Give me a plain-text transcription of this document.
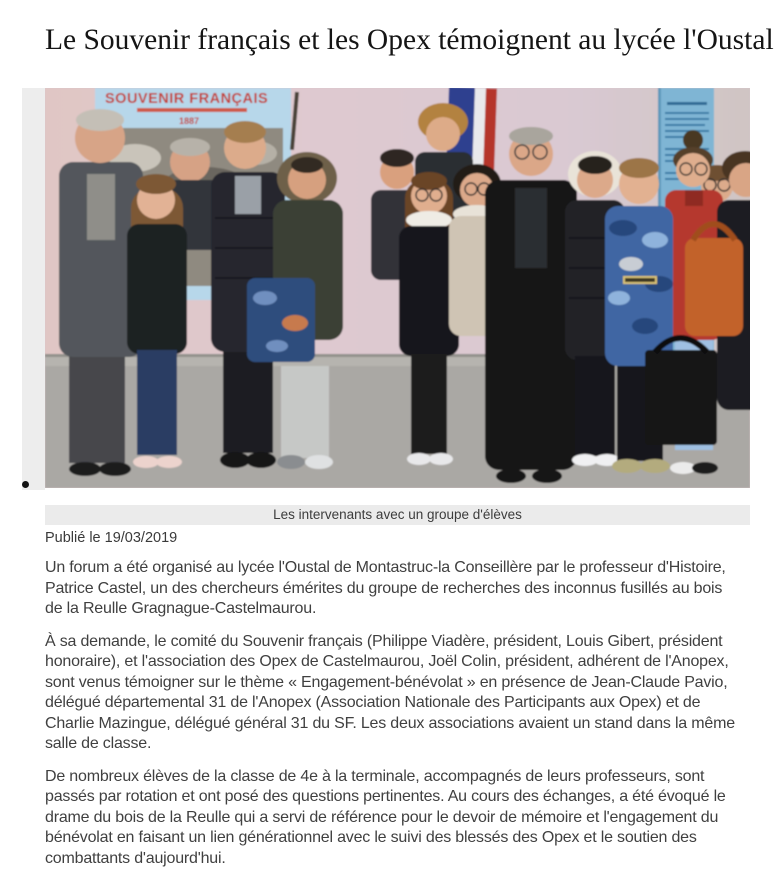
Le Souvenir français et les Opex témoignent au lycée l'Oustal
SOUVENIR FRANÇAIS
1887
Les intervenants avec un groupe d'élèves
Publié le 19/03/2019

Un forum a été organisé au lycée l'Oustal de Montastruc-la Conseillère par le professeur d'Histoire, Patrice Castel, un des chercheurs émérites du groupe de recherches des inconnus fusillés au bois de la Reulle Gragnague-Castelmaurou.

À sa demande, le comité du Souvenir français (Philippe Viadère, président, Louis Gibert, président honoraire), et l'association des Opex de Castelmaurou, Joël Colin, président, adhérent de l'Anopex, sont venus témoigner sur le thème « Engagement-bénévolat » en présence de Jean-Claude Pavio, délégué départemental 31 de l'Anopex (Association Nationale des Participants aux Opex) et de Charlie Mazingue, délégué général 31 du SF. Les deux associations avaient un stand dans la même salle de classe.

De nombreux élèves de la classe de 4e à la terminale, accompagnés de leurs professeurs, sont passés par rotation et ont posé des questions pertinentes. Au cours des échanges, a été évoqué le drame du bois de la Reulle qui a servi de référence pour le devoir de mémoire et l'engagement du bénévolat en faisant un lien générationnel avec le suivi des blessés des Opex et le soutien des combattants d'aujourd'hui.
